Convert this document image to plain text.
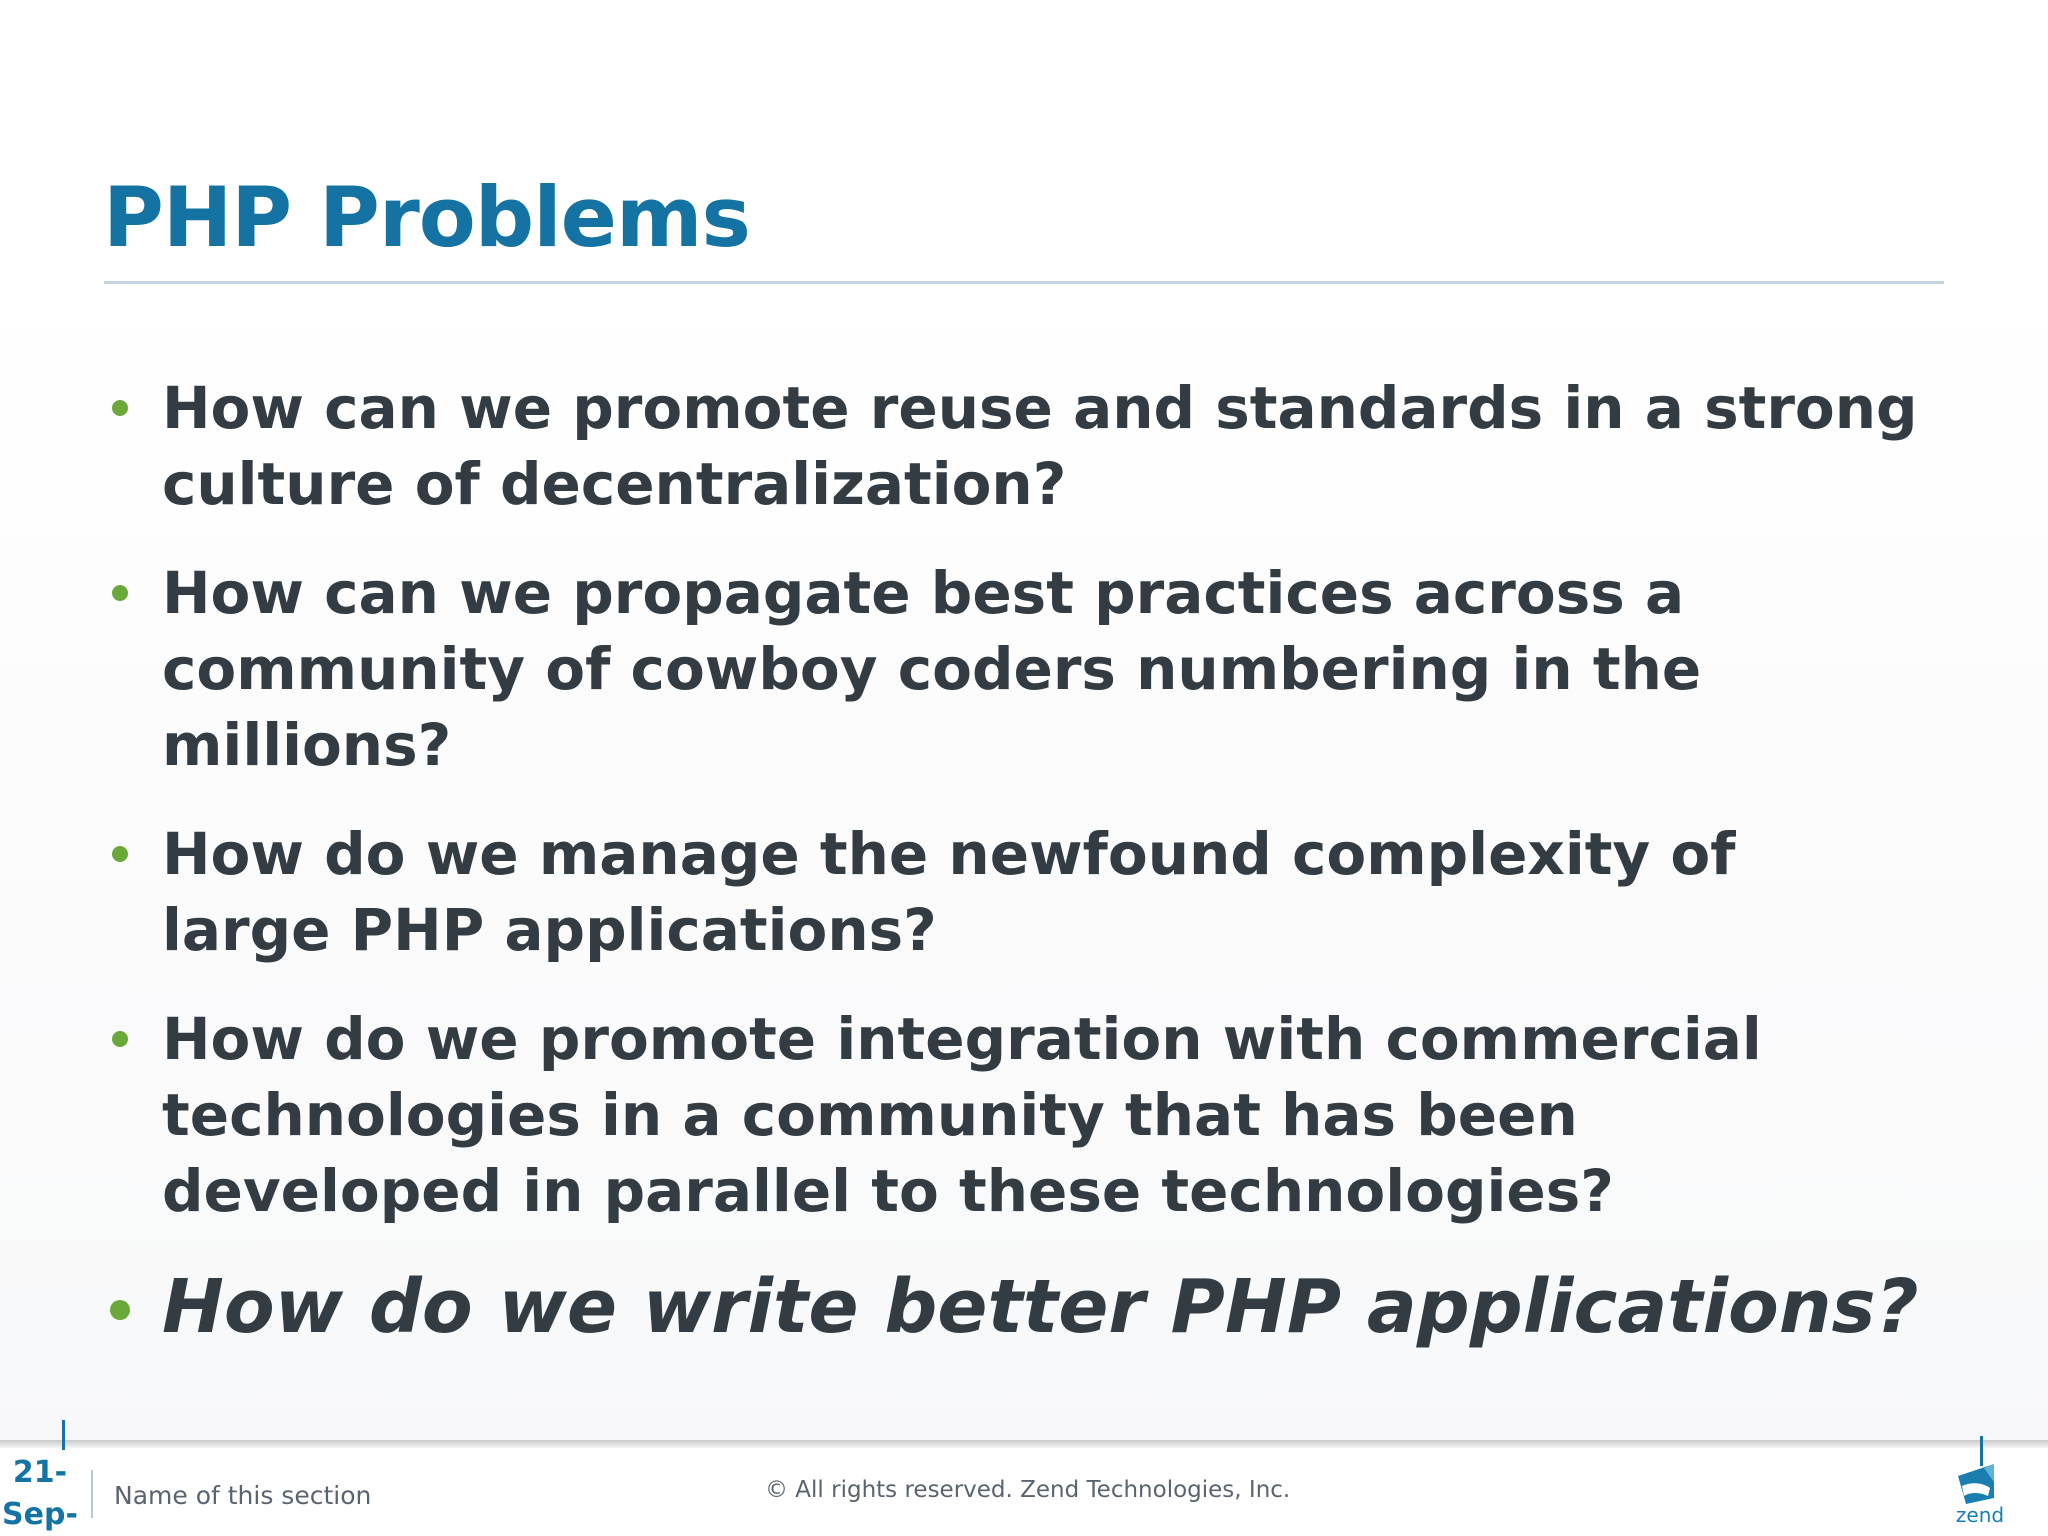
PHP Problems
How can we promote reuse and standards in a strong culture of decentralization?
How can we propagate best practices across a community of cowboy coders numbering in the millions?
How do we manage the newfound complexity of large PHP applications?
How do we promote integration with commercial technologies in a community that has been developed in parallel to these technologies?
How do we write better PHP applications?
21-
Sep-
Name of this section	© All rights reserved. Zend Technologies, Inc.
zend
